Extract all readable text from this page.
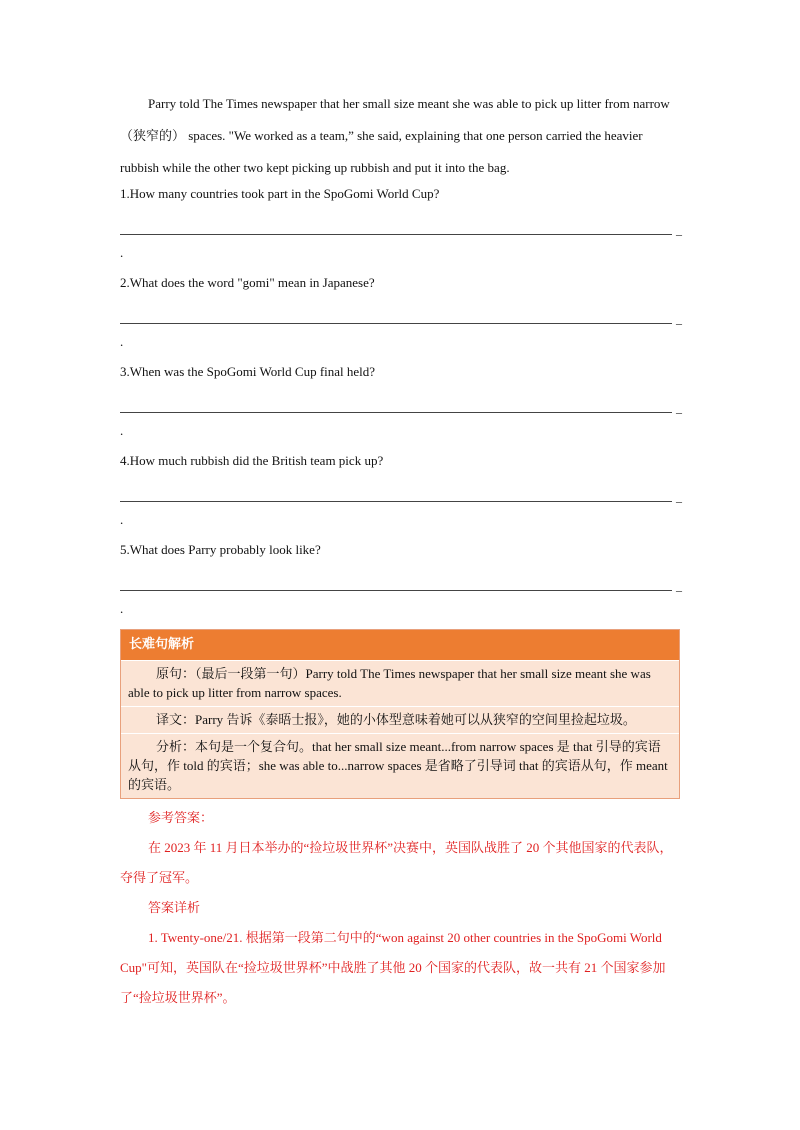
Parry told The Times newspaper that her small size meant she was able to pick up litter from narrow（狭窄的） spaces. "We worked as a team,” she said, explaining that one person carried the heavier rubbish while the other two kept picking up rubbish and put it into the bag.

1.How many countries took part in the SpoGomi World Cup?

–
.

2.What does the word "gomi" mean in Japanese?

–
.

3.When was the SpoGomi World Cup final held?

–
.

4.How much rubbish did the British team pick up?

–
.

5.What does Parry probably look like?

–
.
长难句解析
原句：（最后一段第一句）Parry told The Times newspaper that her small size meant she was able to pick up litter from narrow spaces.
译文：Parry 告诉《泰晤士报》，她的小体型意味着她可以从狭窄的空间里捡起垃圾。
分析：本句是一个复合句。that her small size meant...from narrow spaces 是 that 引导的宾语从句，作 told 的宾语；she was able to...narrow spaces 是省略了引导词 that 的宾语从句，作 meant 的宾语。

参考答案：

在 2023 年 11 月日本举办的“捡垃圾世界杯”决赛中，英国队战胜了 20 个其他国家的代表队，夺得了冠军。

答案详析

1. Twenty-one/21. 根据第一段第二句中的“won against 20 other countries in the SpoGomi World Cup"可知，英国队在“捡垃圾世界杯”中战胜了其他 20 个国家的代表队，故一共有 21 个国家参加了“捡垃圾世界杯”。
